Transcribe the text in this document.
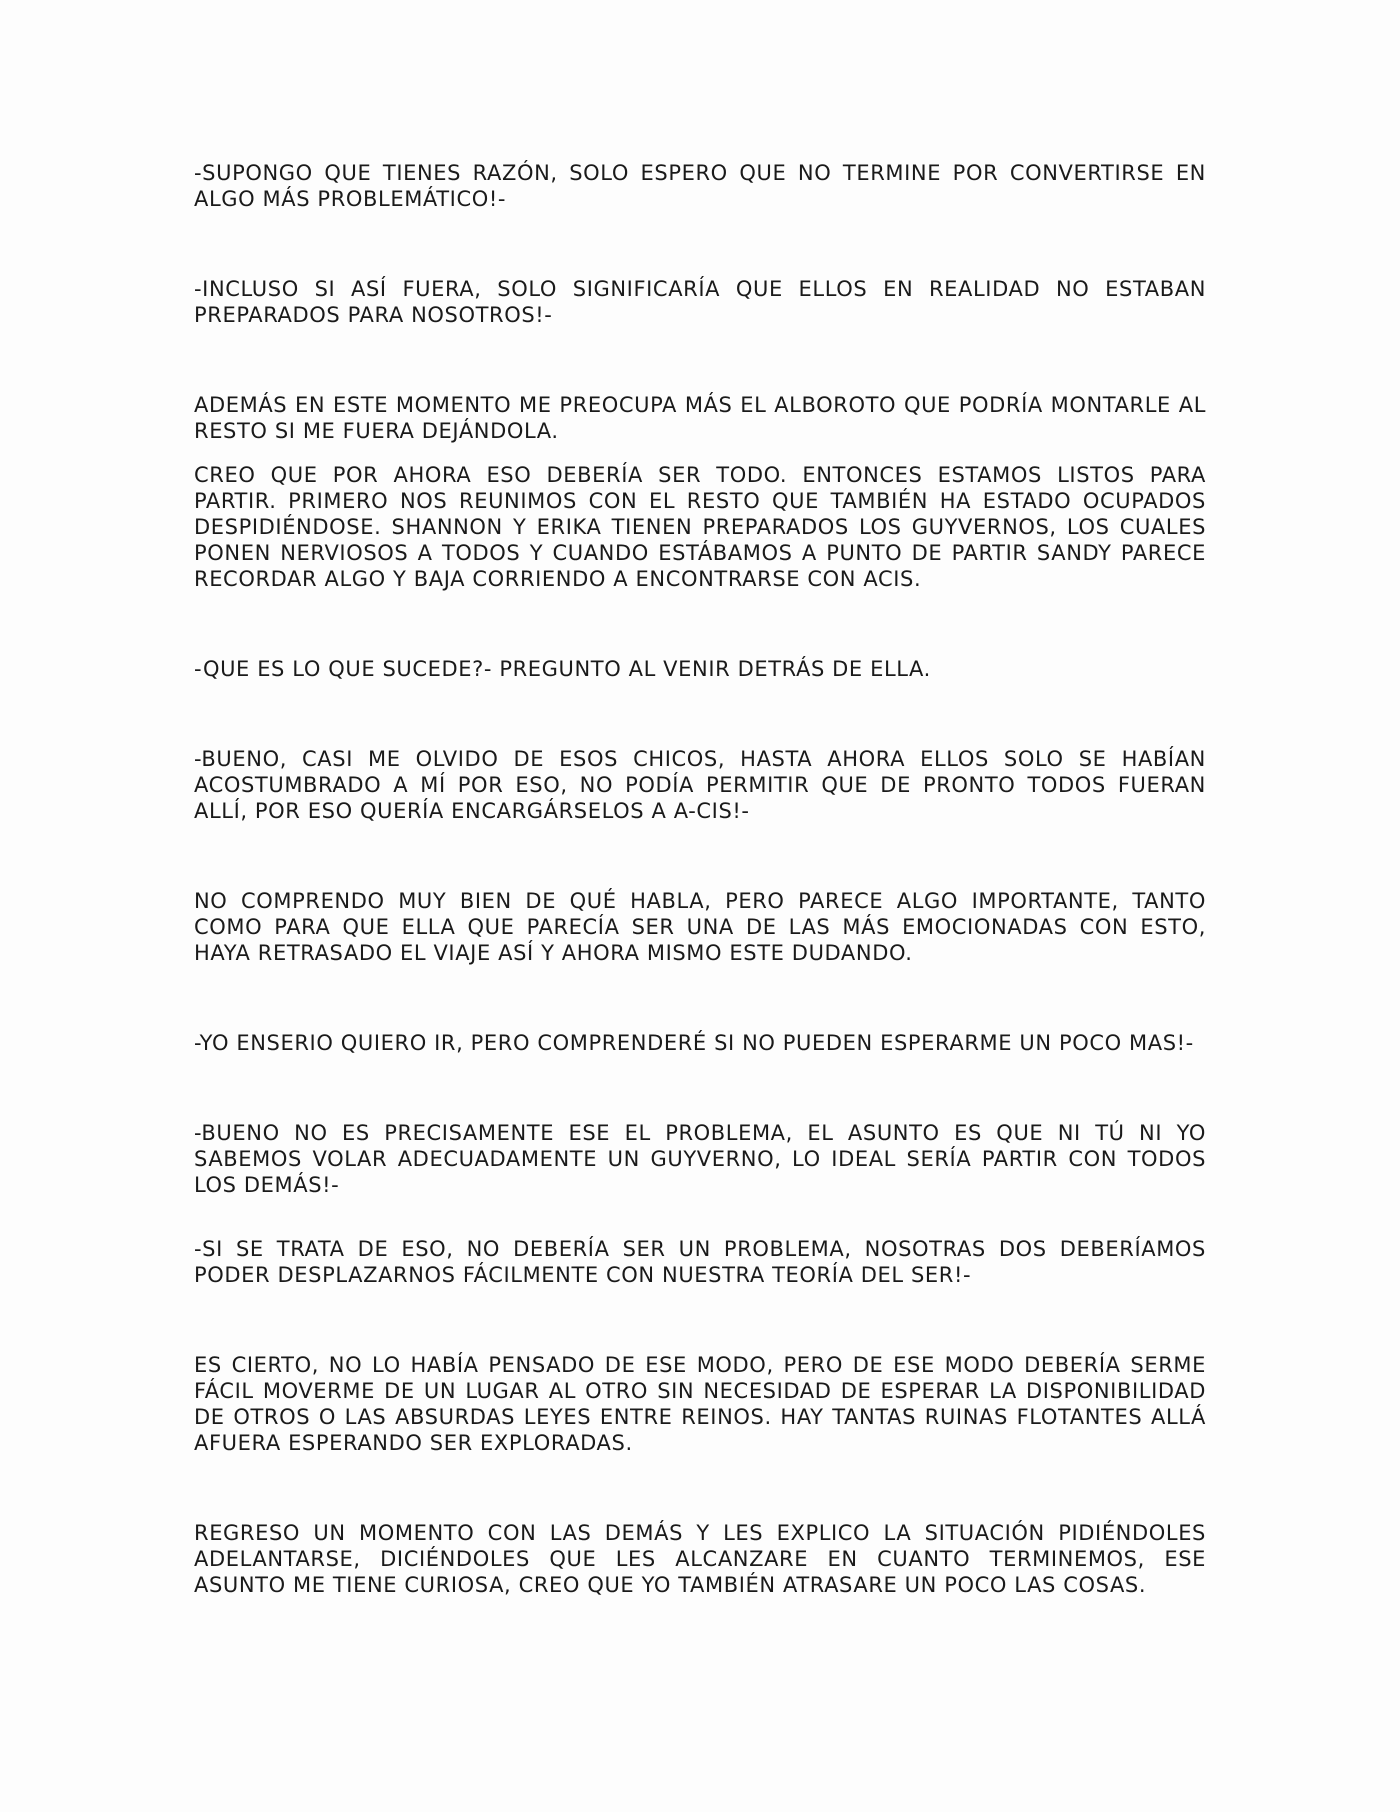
-SUPONGO QUE TIENES RAZÓN, SOLO ESPERO QUE NO TERMINE POR CONVERTIRSE EN ALGO MÁS PROBLEMÁTICO!-

-INCLUSO SI ASÍ FUERA, SOLO SIGNIFICARÍA QUE ELLOS EN REALIDAD NO ESTABAN PREPARADOS PARA NOSOTROS!-

ADEMÁS EN ESTE MOMENTO ME PREOCUPA MÁS EL ALBOROTO QUE PODRÍA MONTARLE AL RESTO SI ME FUERA DEJÁNDOLA.

CREO QUE POR AHORA ESO DEBERÍA SER TODO. ENTONCES ESTAMOS LISTOS PARA PARTIR. PRIMERO NOS REUNIMOS CON EL RESTO QUE TAMBIÉN HA ESTADO OCUPADOS DESPIDIÉNDOSE. SHANNON Y ERIKA TIENEN PREPARADOS LOS GUYVERNOS, LOS CUALES PONEN NERVIOSOS A TODOS Y CUANDO ESTÁBAMOS A PUNTO DE PARTIR SANDY PARECE RECORDAR ALGO Y BAJA CORRIENDO A ENCONTRARSE CON ACIS.

-QUE ES LO QUE SUCEDE?- PREGUNTO AL VENIR DETRÁS DE ELLA.

-BUENO, CASI ME OLVIDO DE ESOS CHICOS, HASTA AHORA ELLOS SOLO SE HABÍAN ACOSTUMBRADO A MÍ POR ESO, NO PODÍA PERMITIR QUE DE PRONTO TODOS FUERAN ALLÍ, POR ESO QUERÍA ENCARGÁRSELOS A A-CIS!-

NO COMPRENDO MUY BIEN DE QUÉ HABLA, PERO PARECE ALGO IMPORTANTE, TANTO COMO PARA QUE ELLA QUE PARECÍA SER UNA DE LAS MÁS EMOCIONADAS CON ESTO, HAYA RETRASADO EL VIAJE ASÍ Y AHORA MISMO ESTE DUDANDO.

-YO ENSERIO QUIERO IR, PERO COMPRENDERÉ SI NO PUEDEN ESPERARME UN POCO MAS!-

-BUENO NO ES PRECISAMENTE ESE EL PROBLEMA, EL ASUNTO ES QUE NI TÚ NI YO SABEMOS VOLAR ADECUADAMENTE UN GUYVERNO, LO IDEAL SERÍA PARTIR CON TODOS LOS DEMÁS!-

-SI SE TRATA DE ESO, NO DEBERÍA SER UN PROBLEMA, NOSOTRAS DOS DEBERÍAMOS PODER DESPLAZARNOS FÁCILMENTE CON NUESTRA TEORÍA DEL SER!-

ES CIERTO, NO LO HABÍA PENSADO DE ESE MODO, PERO DE ESE MODO DEBERÍA SERME FÁCIL MOVERME DE UN LUGAR AL OTRO SIN NECESIDAD DE ESPERAR LA DISPONIBILIDAD DE OTROS O LAS ABSURDAS LEYES ENTRE REINOS. HAY TANTAS RUINAS FLOTANTES ALLÁ AFUERA ESPERANDO SER EXPLORADAS.

REGRESO UN MOMENTO CON LAS DEMÁS Y LES EXPLICO LA SITUACIÓN PIDIÉNDOLES ADELANTARSE, DICIÉNDOLES QUE LES ALCANZARE EN CUANTO TERMINEMOS, ESE ASUNTO ME TIENE CURIOSA, CREO QUE YO TAMBIÉN ATRASARE UN POCO LAS COSAS.
